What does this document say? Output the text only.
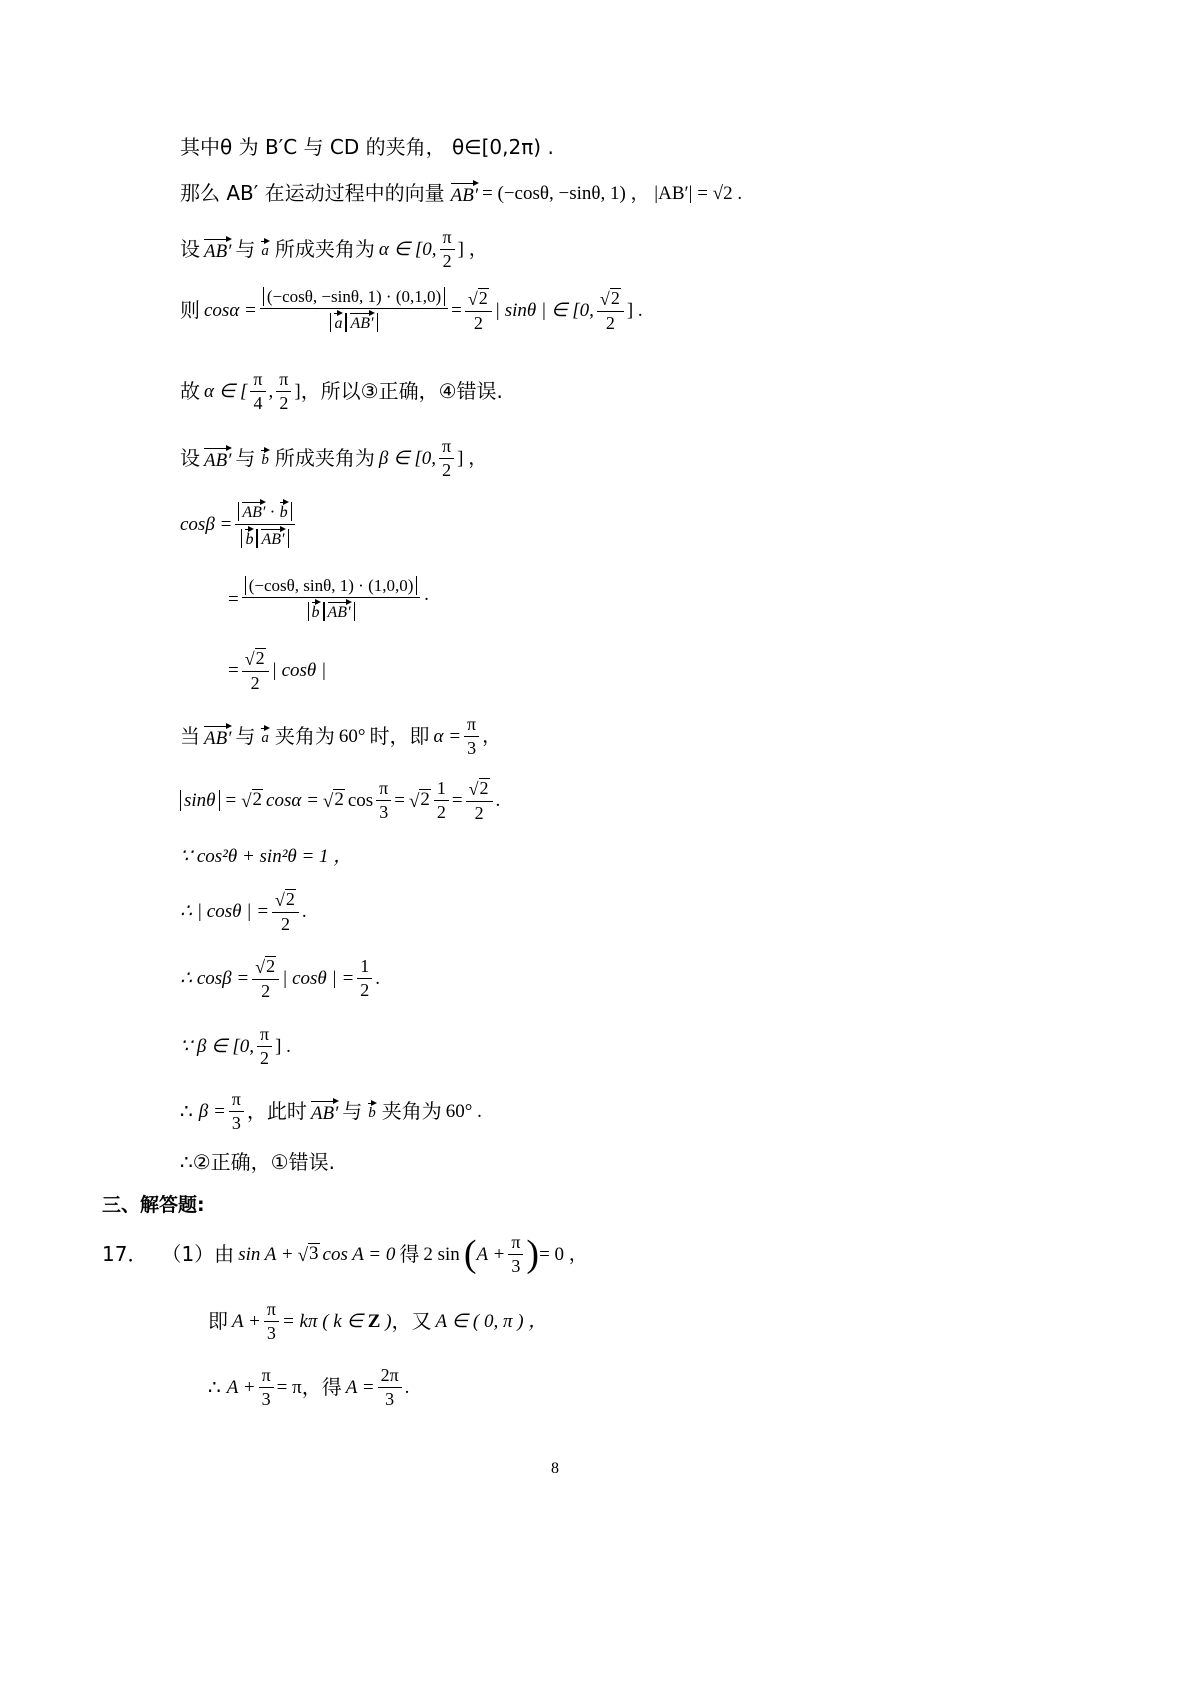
其中θ 为 B′C 与 CD 的夹角， θ∈[0,2π) .
那么 AB′ 在运动过程中的向量 AB′ = (−cosθ, −sinθ, 1) ， |AB′| = √2 .
设 AB′ 与 a 所成夹角为 α ∈ [0, $\frac{\pi}{2}$ ] ，
则 $\cos\alpha = \frac{(-\cos\theta, -\sin\theta, 1) \cdot (0,1,0)}{\text{a AB′}} = \frac{√ 2}{2}$ | sinθ | ∈ [0, $\frac{√ 2}{2}$ ] .
故 α ∈ [ $\frac{\pi}{4}$ , $\frac{\pi}{2}$ ] ，所以③正确，④错误.
设 AB′ 与 b 所成夹角为 β ∈ [0, $\frac{\pi}{2}$ ] ，
$\cos\beta = \frac{AB' \cdot b}{\text{b AB′}}$
= $\frac{(-\cos\theta, \sin\theta, 1) \cdot (1,0,0)}{\text{b AB′}}$ ·
= $\frac{√ 2}{2}$ | cosθ |
当 AB′ 与 a 夹角为 60° 时，即 $\alpha = \frac{\pi}{3}$ ，
sinθ = √ 2 cosα = √ 2 $\cos \frac{\pi}{3}$ = √ $2 \frac{1}{2} = \frac{√ 2}{2}$ .
∵ cos²θ + sin²θ = 1 ，
∴ | cosθ | = $\frac{√ 2}{2}$ .
∴ $\cos\beta = \frac{√ 2}{2}$ | cosθ | = $\frac{1}{2}$ .
∵ β ∈ [0, $\frac{\pi}{2}$ ] .
∴ $\beta = \frac{\pi}{3}$ ，此时 AB′ 与 b 夹角为 60° .
∴②正确，①错误.
三、解答题:
17． （1）由 sin A + √ 3 cos A = 0 得 2 sin ( $A + \frac{\pi}{3}$ ) = 0 ，
即 $A + \frac{\pi}{3} = k\pi$ ( k ∈ Z ) ，又 A ∈ ( 0, π ) ，
∴ $A + \frac{\pi}{3} = \pi$ ，得 $A = \frac{2\pi}{3}$ .
8
